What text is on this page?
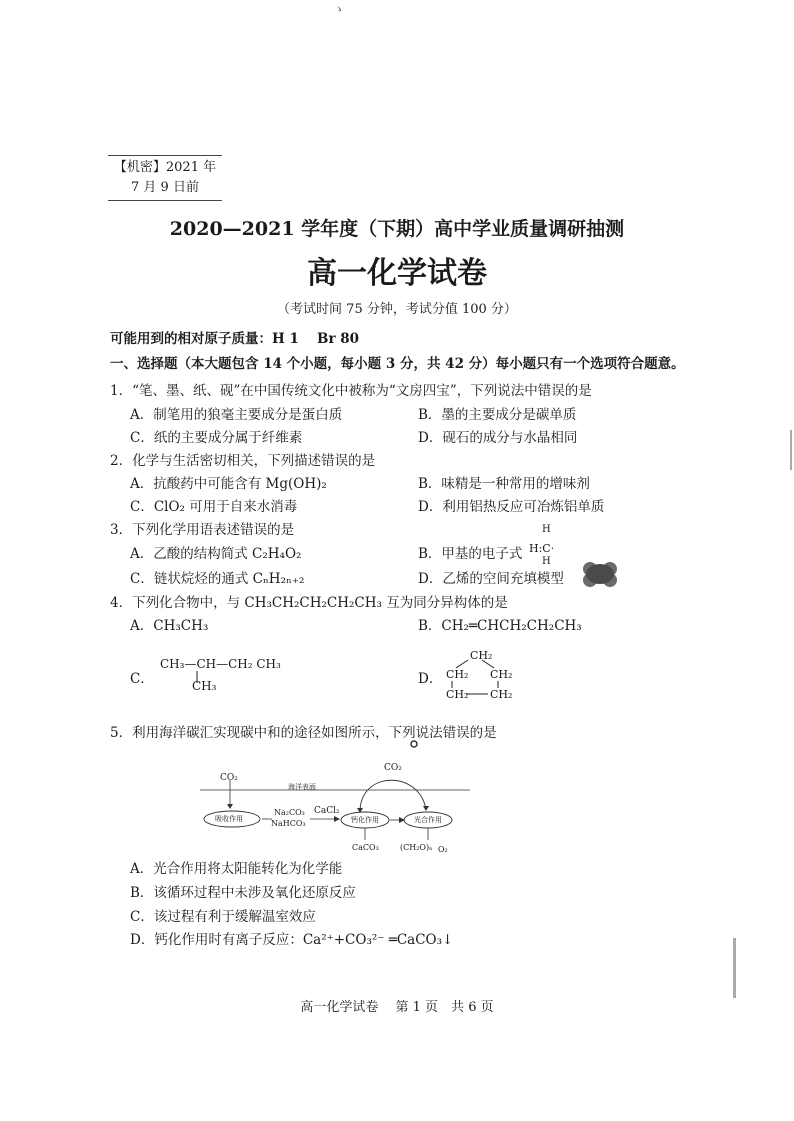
ゝ
【机密】2021 年
7 月 9 日前
2020—2021 学年度（下期）高中学业质量调研抽测
高一化学试卷
（考试时间 75 分钟，考试分值 100 分）
可能用到的相对原子质量：H 1　 Br 80
一、选择题（本大题包含 14 个小题，每小题 3 分，共 42 分）每小题只有一个选项符合题意。
1．“笔、墨、纸、砚”在中国传统文化中被称为“文房四宝”，下列说法中错误的是
A．制笔用的狼毫主要成分是蛋白质	B．墨的主要成分是碳单质
C．纸的主要成分属于纤维素	D．砚石的成分与水晶相同
2．化学与生活密切相关，下列描述错误的是
A．抗酸药中可能含有 Mg(OH)₂	B．味精是一种常用的增味剂
C．ClO₂ 可用于自来水消毒	D．利用铝热反应可冶炼铝单质
3．下列化学用语表述错误的是
A．乙酸的结构简式 C₂H₄O₂	B．甲基的电子式
H
H:C·
H
C．链状烷烃的通式 CₙH₂ₙ₊₂	D．乙烯的空间充填模型
4．下列化合物中，与 CH₃CH₂CH₂CH₂CH₃ 互为同分异构体的是
A．CH₃CH₃	B．CH₂═CHCH₂CH₂CH₃
C．
CH₃—CH—CH₂ CH₃
CH₃	D．
CH₂
CH₂ CH₂
CH₂ CH₂
5．利用海洋碳汇实现碳中和的途径如图所示，下列说法错误的是
CO₂
海洋表面
CO₂
吸收作用
Na₂CO₃
NaHCO₃
CaCl₂
钙化作用	光合作用
CaCO₃	(CH₂O)ₙ O₂
A．光合作用将太阳能转化为化学能
B．该循环过程中未涉及氧化还原反应
C．该过程有利于缓解温室效应
D．钙化作用时有离子反应：Ca²⁺+CO₃²⁻ ═CaCO₃↓
高一化学试卷　 第 1 页　共 6 页
